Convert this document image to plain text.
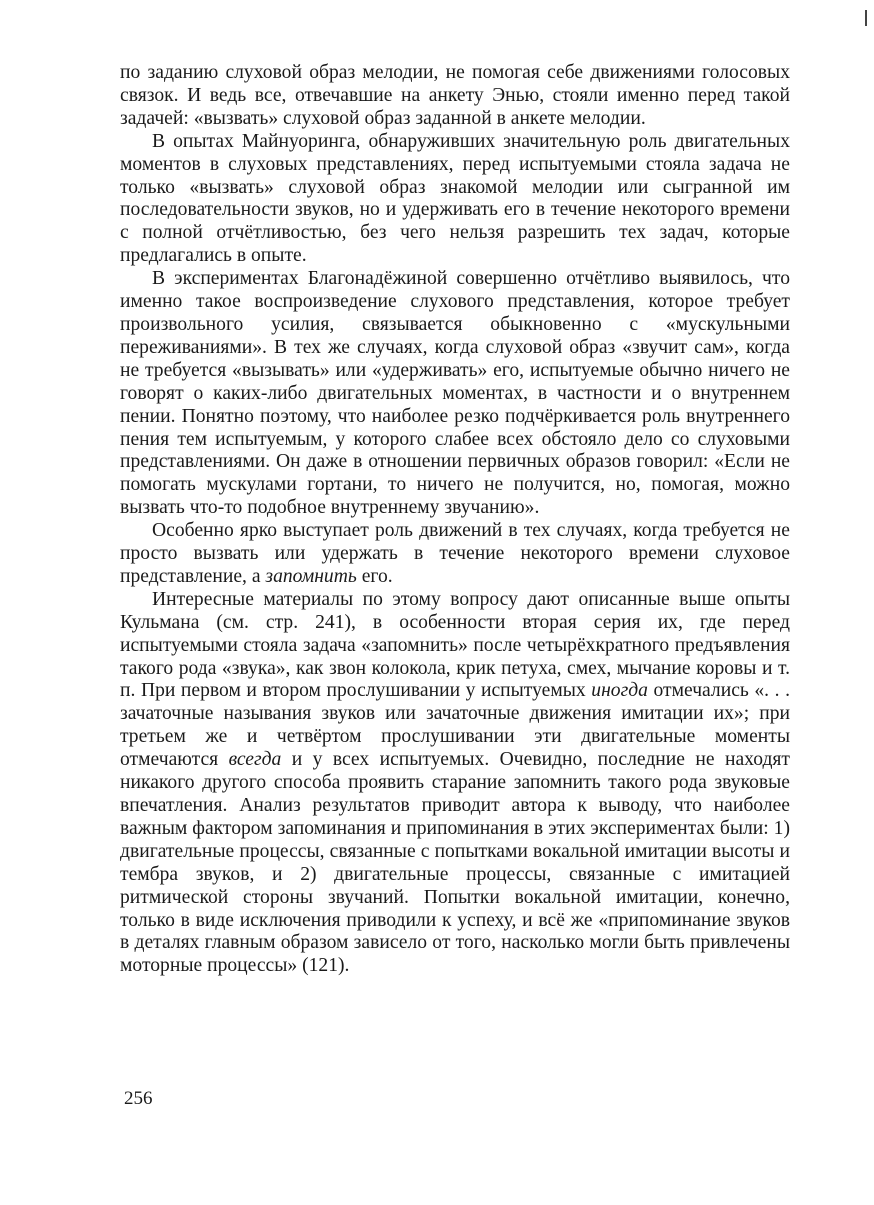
по заданию слуховой образ мелодии, не помогая себе движениями голосовых связок. И ведь все, отвечавшие на анкету Энью, стояли именно перед такой задачей: «вызвать» слуховой образ заданной в анкете мелодии.

В опытах Майнуоринга, обнаруживших значительную роль двигательных моментов в слуховых представлениях, перед испытуемыми стояла задача не только «вызвать» слуховой образ знакомой мелодии или сыгранной им последовательности звуков, но и удерживать его в течение некоторого времени с полной отчётливостью, без чего нельзя разрешить тех задач, которые предлагались в опыте.

В экспериментах Благонадёжиной совершенно отчётливо выявилось, что именно такое воспроизведение слухового представления, которое требует произвольного усилия, связывается обыкновенно с «мускульными переживаниями». В тех же случаях, когда слуховой образ «звучит сам», когда не требуется «вызывать» или «удерживать» его, испытуемые обычно ничего не говорят о каких-либо двигательных моментах, в частности и о внутреннем пении. Понятно поэтому, что наиболее резко подчёркивается роль внутреннего пения тем испытуемым, у которого слабее всех обстояло дело со слуховыми представлениями. Он даже в отношении первичных образов говорил: «Если не помогать мускулами гортани, то ничего не получится, но, помогая, можно вызвать что-то подобное внутреннему звучанию».

Особенно ярко выступает роль движений в тех случаях, когда требуется не просто вызвать или удержать в течение некоторого времени слуховое представление, а запомнить его.

Интересные материалы по этому вопросу дают описанные выше опыты Кульмана (см. стр. 241), в особенности вторая серия их, где перед испытуемыми стояла задача «запомнить» после четырёхкратного предъявления такого рода «звука», как звон колокола, крик петуха, смех, мычание коровы и т. п. При первом и втором прослушивании у испытуемых иногда отмечались «. . . зачаточные называния звуков или зачаточные движения имитации их»; при третьем же и четвёртом прослушивании эти двигательные моменты отмечаются всегда и у всех испытуемых. Очевидно, последние не находят никакого другого способа проявить старание запомнить такого рода звуковые впечатления. Анализ результатов приводит автора к выводу, что наиболее важным фактором запоминания и припоминания в этих экспериментах были: 1) двигательные процессы, связанные с попытками вокальной имитации высоты и тембра звуков, и 2) двигательные процессы, связанные с имитацией ритмической стороны звучаний. Попытки вокальной имитации, конечно, только в виде исключения приводили к успеху, и всё же «припоминание звуков в деталях главным образом зависело от того, насколько могли быть привлечены моторные процессы» (121).

256
